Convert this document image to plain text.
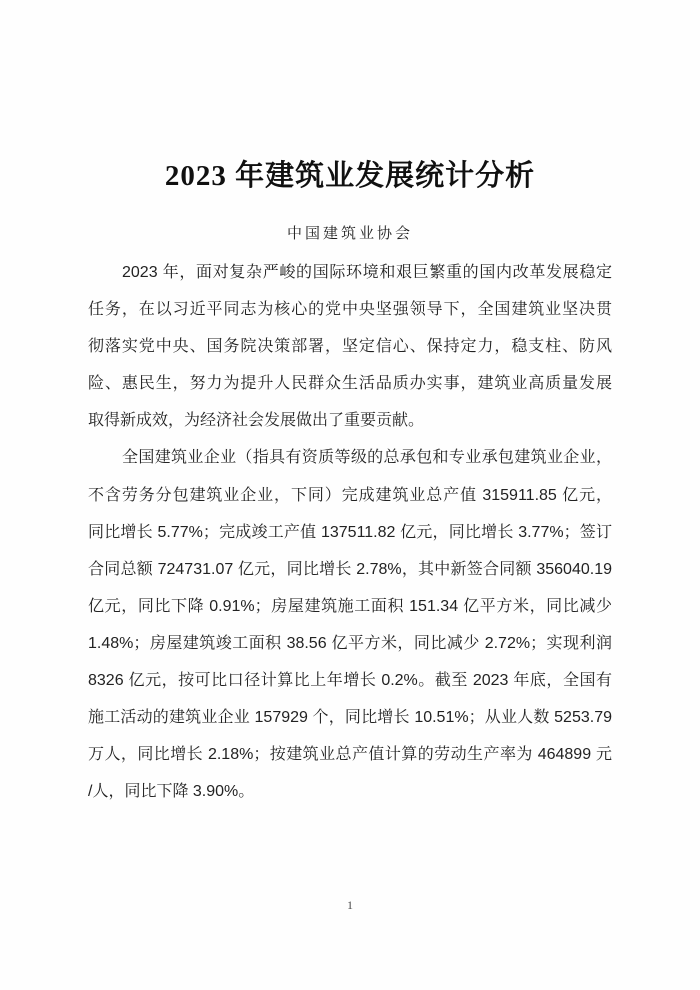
2023 年建筑业发展统计分析
中国建筑业协会
2023 年，面对复杂严峻的国际环境和艰巨繁重的国内改革发展稳定
任务，在以习近平同志为核心的党中央坚强领导下，全国建筑业坚决贯
彻落实党中央、国务院决策部署，坚定信心、保持定力，稳支柱、防风
险、惠民生，努力为提升人民群众生活品质办实事，建筑业高质量发展
取得新成效，为经济社会发展做出了重要贡献。
全国建筑业企业（指具有资质等级的总承包和专业承包建筑业企业，
不含劳务分包建筑业企业，下同）完成建筑业总产值 315911.85 亿元，
同比增长 5.77%；完成竣工产值 137511.82 亿元，同比增长 3.77%；签订
合同总额 724731.07 亿元，同比增长 2.78%，其中新签合同额 356040.19
亿元，同比下降 0.91%；房屋建筑施工面积 151.34 亿平方米，同比减少
1.48%；房屋建筑竣工面积 38.56 亿平方米，同比减少 2.72%；实现利润
8326 亿元，按可比口径计算比上年增长 0.2%。截至 2023 年底，全国有
施工活动的建筑业企业 157929 个，同比增长 10.51%；从业人数 5253.79
万人，同比增长 2.18%；按建筑业总产值计算的劳动生产率为 464899 元
/人，同比下降 3.90%。
1
